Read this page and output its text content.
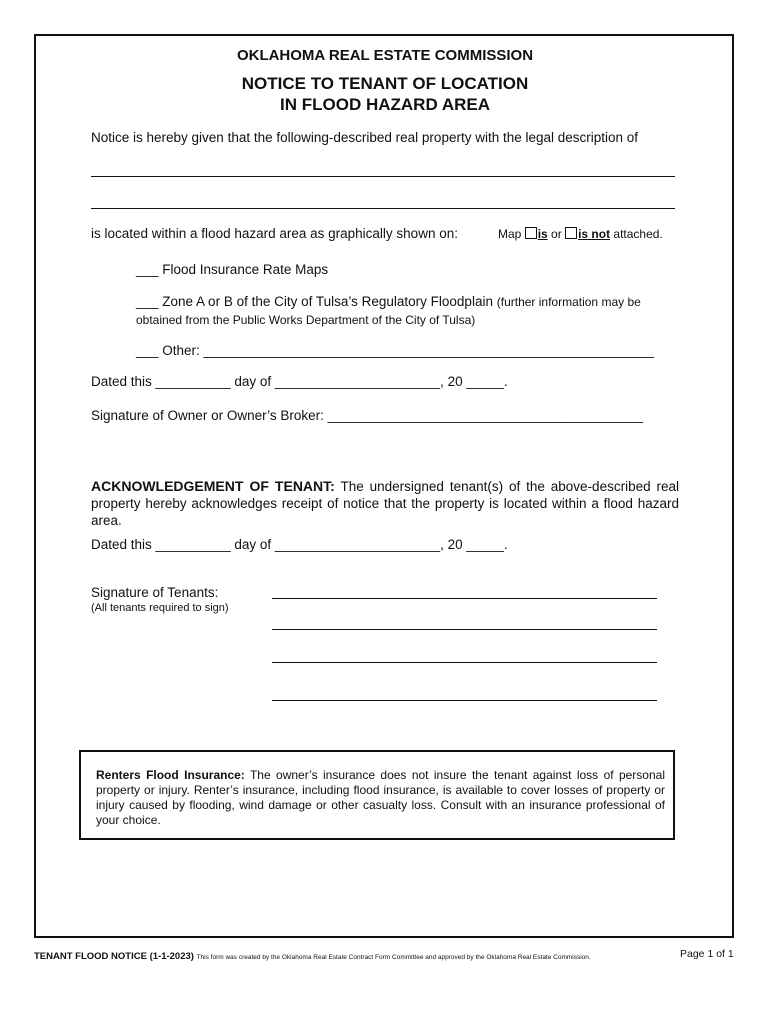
OKLAHOMA REAL ESTATE COMMISSION
NOTICE TO TENANT OF LOCATION
IN FLOOD HAZARD AREA
Notice is hereby given that the following-described real property with the legal description of
is located within a flood hazard area as graphically shown on:	Map is or is not attached.
___ Flood Insurance Rate Maps
___ Zone A or B of the City of Tulsa’s Regulatory Floodplain (further information may be
obtained from the Public Works Department of the City of Tulsa)
___ Other: ____________________________________________________________
Dated this __________ day of ______________________, 20 _____.
Signature of Owner or Owner’s Broker: __________________________________________
ACKNOWLEDGEMENT OF TENANT: The undersigned tenant(s) of the above-described real property hereby acknowledges receipt of notice that the property is located within a flood hazard area.
Dated this __________ day of ______________________, 20 _____.
Signature of Tenants:
(All tenants required to sign)
Renters Flood Insurance: The owner’s insurance does not insure the tenant against loss of personal property or injury. Renter’s insurance, including flood insurance, is available to cover losses of property or injury caused by flooding, wind damage or other casualty loss. Consult with an insurance professional of your choice.
TENANT FLOOD NOTICE (1-1-2023) This form was created by the Oklahoma Real Estate Contract Form Committee and approved by the Oklahoma Real Estate Commission.	Page 1 of 1
